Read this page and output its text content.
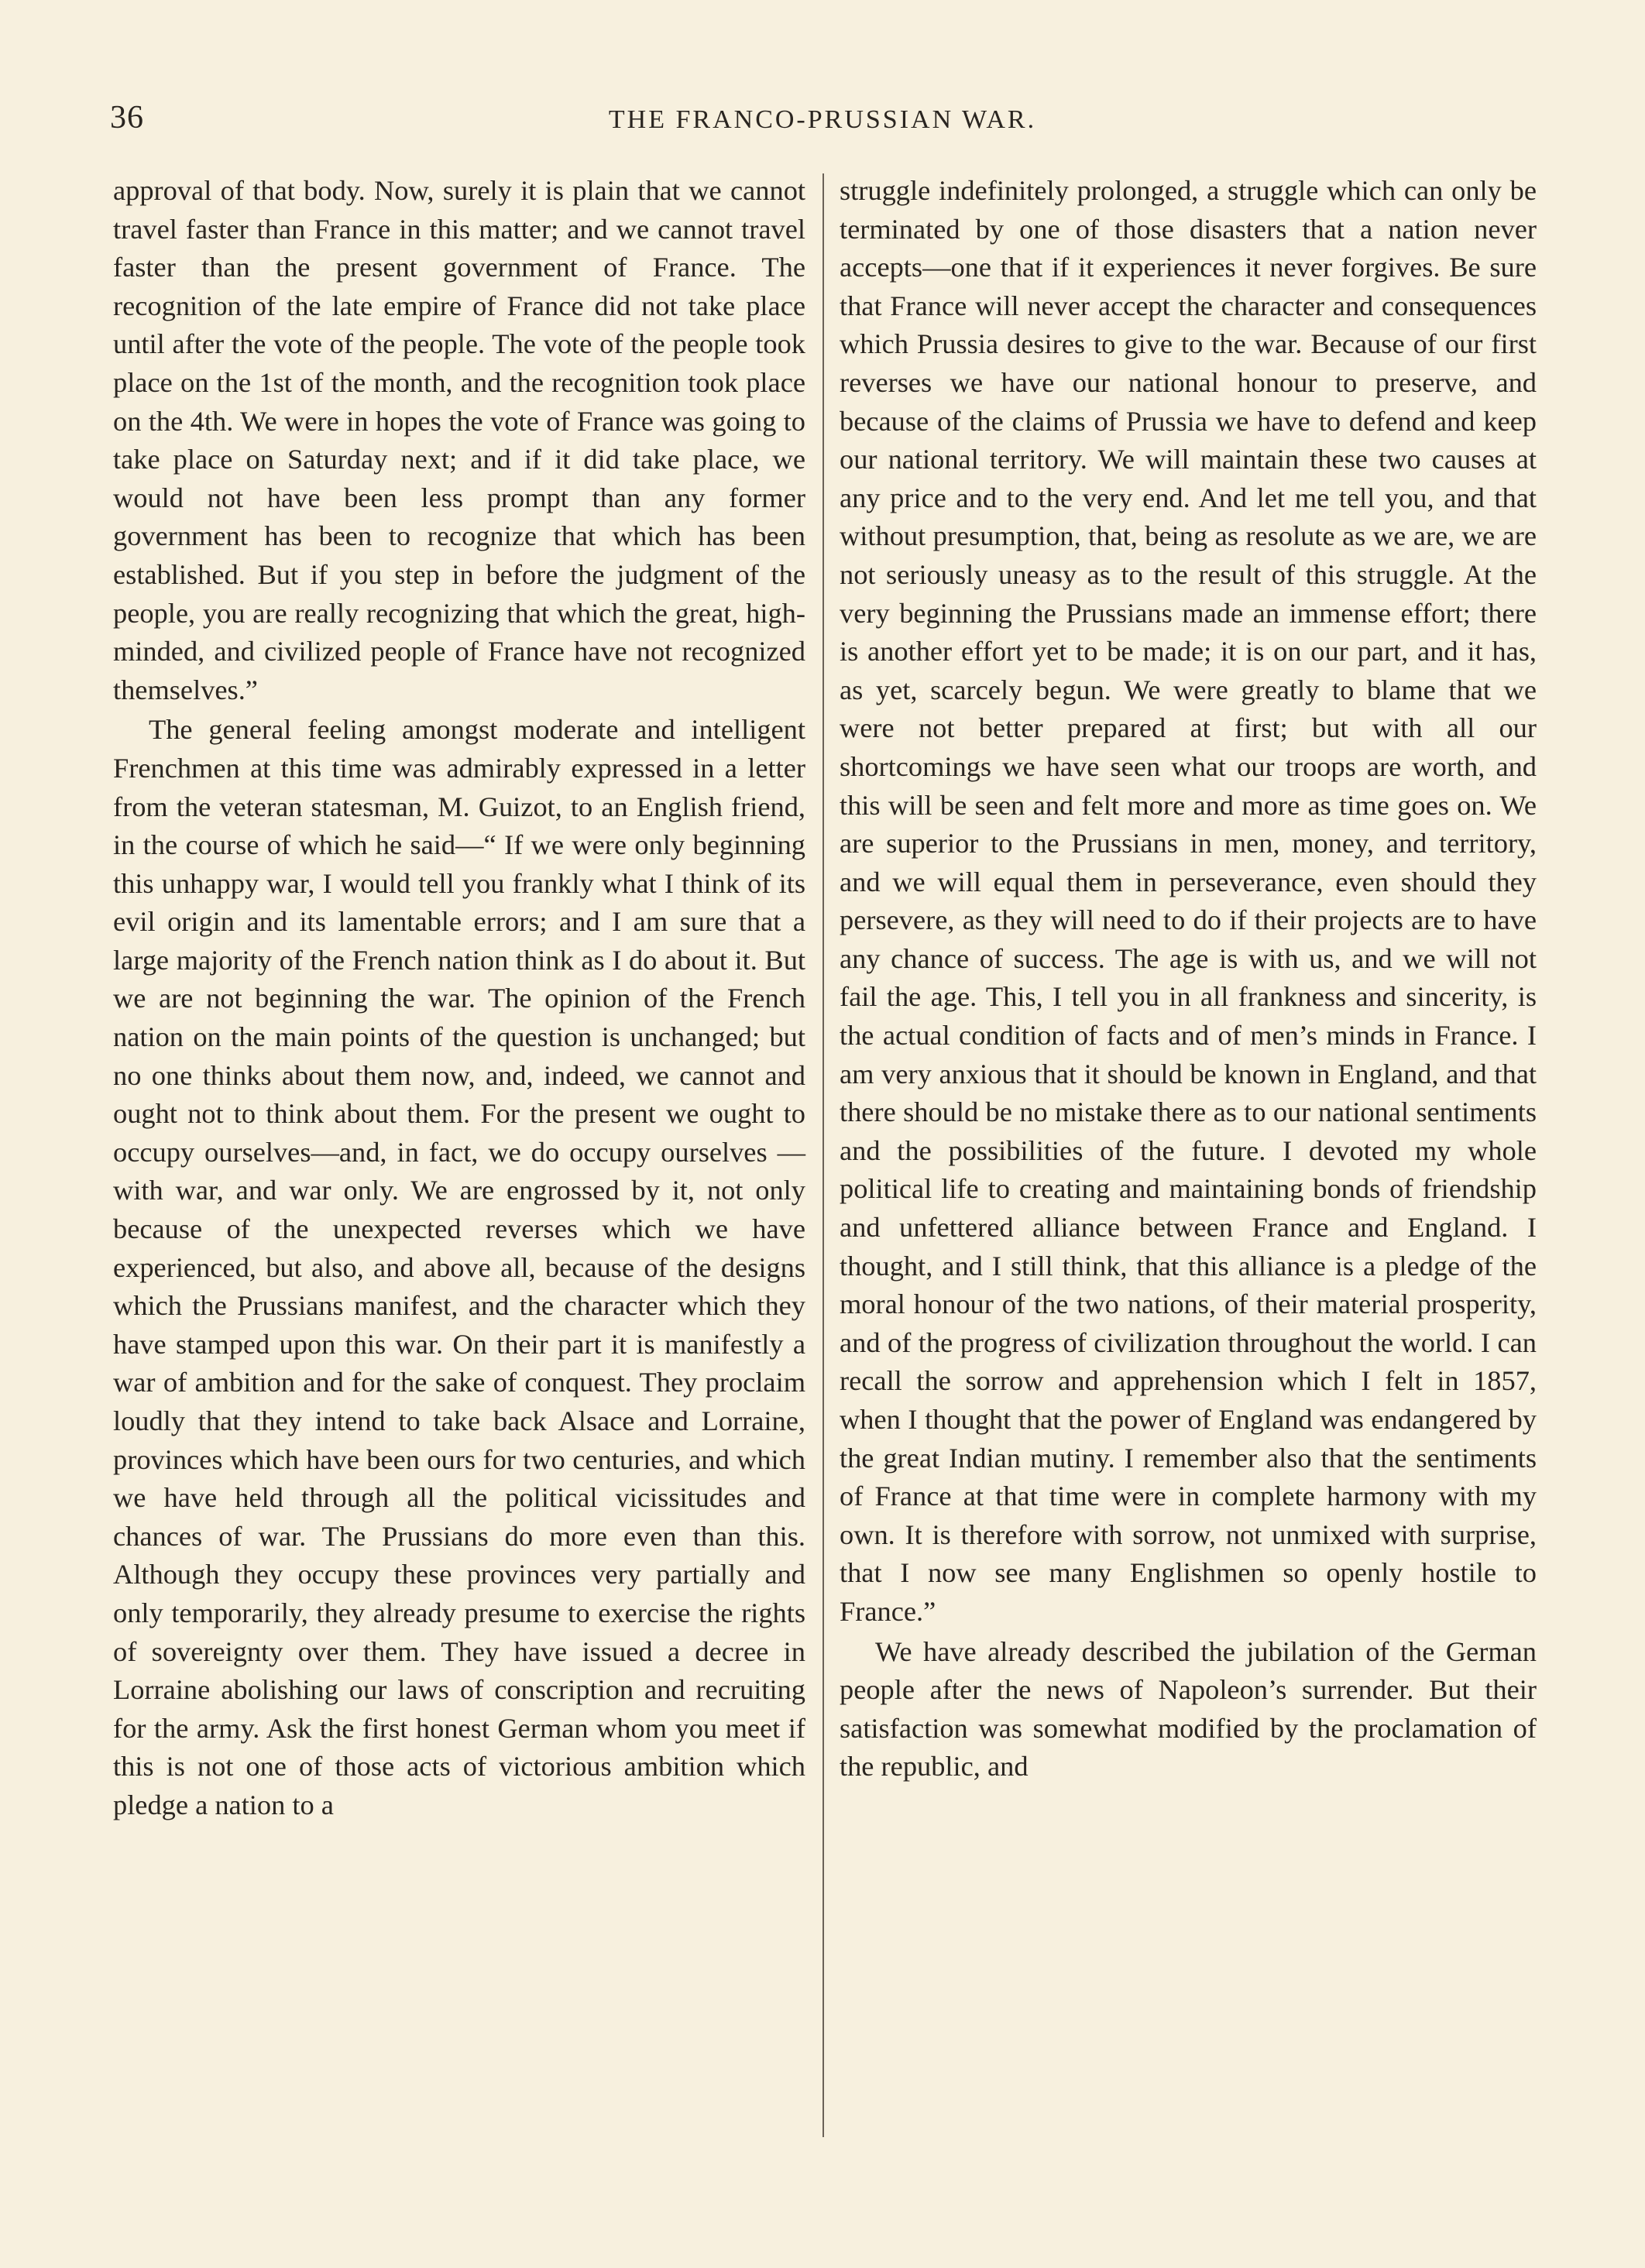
36	THE FRANCO-PRUSSIAN WAR.

approval of that body. Now, surely it is plain that we cannot travel faster than France in this matter; and we cannot travel faster than the present government of France. The recognition of the late empire of France did not take place until after the vote of the people. The vote of the people took place on the 1st of the month, and the recognition took place on the 4th. We were in hopes the vote of France was going to take place on Saturday next; and if it did take place, we would not have been less prompt than any former government has been to recognize that which has been established. But if you step in before the judgment of the people, you are really recognizing that which the great, high-minded, and civilized people of France have not recognized themselves.”

The general feeling amongst moderate and intelligent Frenchmen at this time was admirably expressed in a letter from the veteran statesman, M. Guizot, to an English friend, in the course of which he said—“ If we were only beginning this unhappy war, I would tell you frankly what I think of its evil origin and its lamentable errors; and I am sure that a large majority of the French nation think as I do about it. But we are not beginning the war. The opinion of the French nation on the main points of the question is unchanged; but no one thinks about them now, and, indeed, we cannot and ought not to think about them. For the present we ought to occupy ourselves—and, in fact, we do occupy ourselves —with war, and war only. We are engrossed by it, not only because of the unexpected reverses which we have experienced, but also, and above all, because of the designs which the Prussians manifest, and the character which they have stamped upon this war. On their part it is manifestly a war of ambition and for the sake of conquest. They proclaim loudly that they intend to take back Alsace and Lorraine, provinces which have been ours for two centuries, and which we have held through all the political vicissitudes and chances of war. The Prussians do more even than this. Although they occupy these provinces very partially and only temporarily, they already presume to exercise the rights of sovereignty over them. They have issued a decree in Lorraine abolishing our laws of conscription and recruiting for the army. Ask the first honest German whom you meet if this is not one of those acts of victorious ambition which pledge a nation to a

struggle indefinitely prolonged, a struggle which can only be terminated by one of those disasters that a nation never accepts—one that if it experiences it never forgives. Be sure that France will never accept the character and consequences which Prussia desires to give to the war. Because of our first reverses we have our national honour to preserve, and because of the claims of Prussia we have to defend and keep our national territory. We will maintain these two causes at any price and to the very end. And let me tell you, and that without presumption, that, being as resolute as we are, we are not seriously uneasy as to the result of this struggle. At the very beginning the Prussians made an immense effort; there is another effort yet to be made; it is on our part, and it has, as yet, scarcely begun. We were greatly to blame that we were not better prepared at first; but with all our shortcomings we have seen what our troops are worth, and this will be seen and felt more and more as time goes on. We are superior to the Prussians in men, money, and territory, and we will equal them in perseverance, even should they persevere, as they will need to do if their projects are to have any chance of success. The age is with us, and we will not fail the age. This, I tell you in all frankness and sincerity, is the actual condition of facts and of men’s minds in France. I am very anxious that it should be known in England, and that there should be no mistake there as to our national sentiments and the possibilities of the future. I devoted my whole political life to creating and maintaining bonds of friendship and unfettered alliance between France and England. I thought, and I still think, that this alliance is a pledge of the moral honour of the two nations, of their material prosperity, and of the progress of civilization throughout the world. I can recall the sorrow and apprehension which I felt in 1857, when I thought that the power of England was endangered by the great Indian mutiny. I remember also that the sentiments of France at that time were in complete harmony with my own. It is therefore with sorrow, not unmixed with surprise, that I now see many Englishmen so openly hostile to France.”

We have already described the jubilation of the German people after the news of Napoleon’s surrender. But their satisfaction was somewhat modified by the proclamation of the republic, and
